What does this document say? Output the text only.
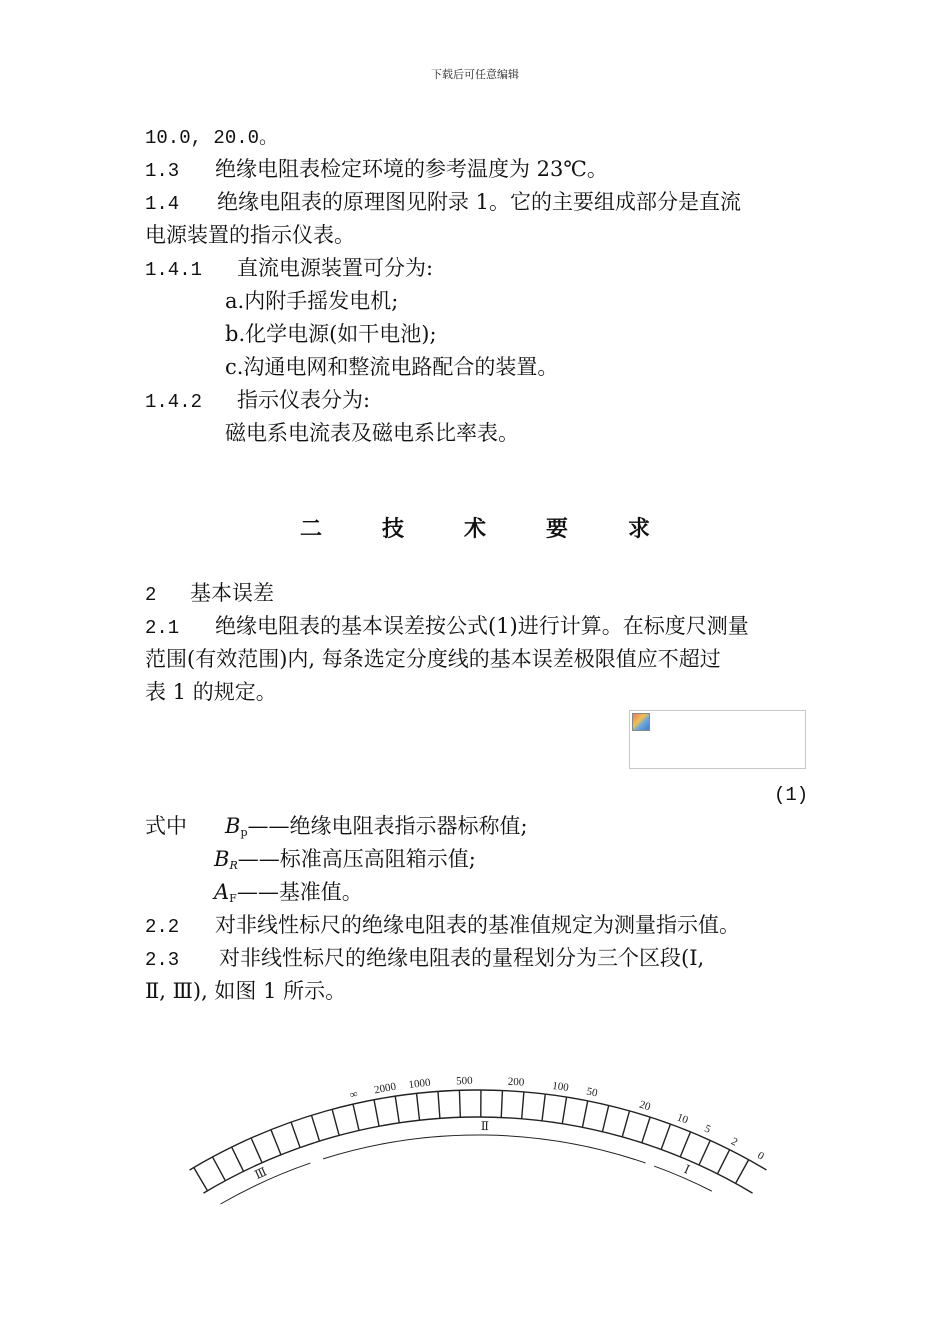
下载后可任意编辑
10.0, 20.0。
1.3 绝缘电阻表检定环境的参考温度为 23℃。
1.4 绝缘电阻表的原理图见附录 1。它的主要组成部分是直流
电源装置的指示仪表。
1.4.1 直流电源装置可分为:
a.内附手摇发电机;
b.化学电源(如干电池);
c.沟通电网和整流电路配合的装置。
1.4.2 指示仪表分为:
磁电系电流表及磁电系比率表。
二 技 术 要 求
2 基本误差
2.1 绝缘电阻表的基本误差按公式(1)进行计算。在标度尺测量
范围(有效范围)内, 每条选定分度线的基本误差极限值应不超过
表 1 的规定。
(1)
式中 $B_p——$绝缘电阻表指示器标称值;
$B_R——$标准高压高阻箱示值;
$A_F——$基准值。
2.2 对非线性标尺的绝缘电阻表的基准值规定为测量指示值。
2.3 对非线性标尺的绝缘电阻表的量程划分为三个区段(Ⅰ,
Ⅱ, Ⅲ), 如图 1 所示。
∞ 2000 1000 500	200 100 50
20
10
5
2
0
Ⅲ
Ⅱ
Ⅰ
